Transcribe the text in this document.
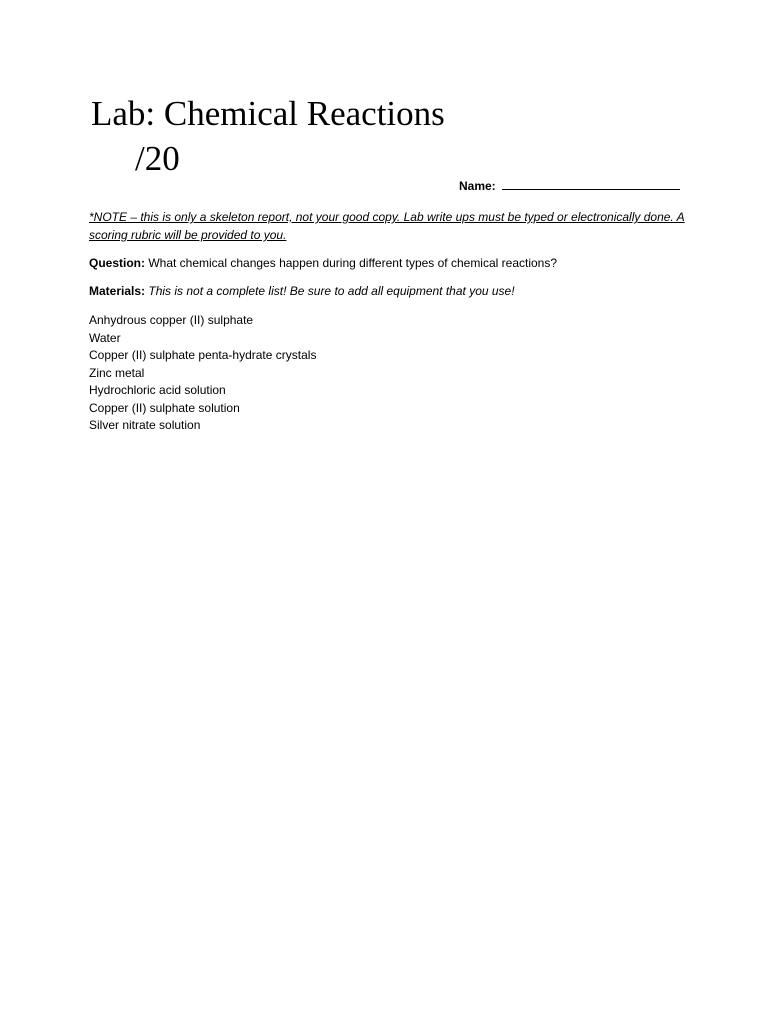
Lab: Chemical Reactions
/20
Name:

*NOTE – this is only a skeleton report, not your good copy. Lab write ups must be typed or electronically done. A scoring rubric will be provided to you.

Question: What chemical changes happen during different types of chemical reactions?

Materials: This is not a complete list! Be sure to add all equipment that you use!

Anhydrous copper (II) sulphate
Water
Copper (II) sulphate penta-hydrate crystals
Zinc metal
Hydrochloric acid solution
Copper (II) sulphate solution
Silver nitrate solution
